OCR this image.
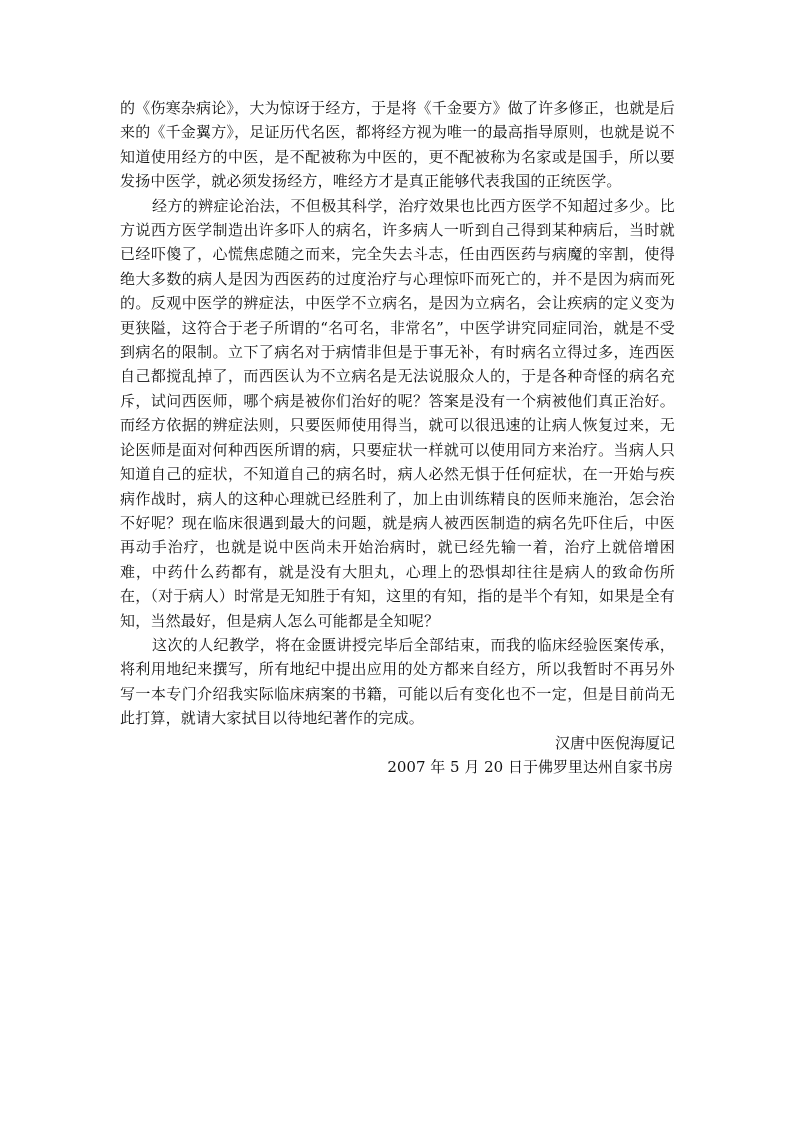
的《伤寒杂病论》，大为惊讶于经方，于是将《千金要方》做了许多修正，也就是后来的《千金翼方》，足证历代名医，都将经方视为唯一的最高指导原则，也就是说不知道使用经方的中医，是不配被称为中医的，更不配被称为名家或是国手，所以要发扬中医学，就必须发扬经方，唯经方才是真正能够代表我国的正统医学。

经方的辨症论治法，不但极其科学，治疗效果也比西方医学不知超过多少。比方说西方医学制造出许多吓人的病名，许多病人一听到自己得到某种病后，当时就已经吓傻了，心慌焦虑随之而来，完全失去斗志，任由西医药与病魔的宰割，使得绝大多数的病人是因为西医药的过度治疗与心理惊吓而死亡的，并不是因为病而死的。反观中医学的辨症法，中医学不立病名，是因为立病名，会让疾病的定义变为更狭隘，这符合于老子所谓的“名可名，非常名”，中医学讲究同症同治，就是不受到病名的限制。立下了病名对于病情非但是于事无补，有时病名立得过多，连西医自己都搅乱掉了，而西医认为不立病名是无法说服众人的，于是各种奇怪的病名充斥，试问西医师，哪个病是被你们治好的呢？答案是没有一个病被他们真正治好。而经方依据的辨症法则，只要医师使用得当，就可以很迅速的让病人恢复过来，无论医师是面对何种西医所谓的病，只要症状一样就可以使用同方来治疗。当病人只知道自己的症状，不知道自己的病名时，病人必然无惧于任何症状，在一开始与疾病作战时，病人的这种心理就已经胜利了，加上由训练精良的医师来施治，怎会治不好呢？现在临床很遇到最大的问题，就是病人被西医制造的病名先吓住后，中医再动手治疗，也就是说中医尚未开始治病时，就已经先输一着，治疗上就倍增困难，中药什么药都有，就是没有大胆丸，心理上的恐惧却往往是病人的致命伤所在，（对于病人）时常是无知胜于有知，这里的有知，指的是半个有知，如果是全有知，当然最好，但是病人怎么可能都是全知呢？

这次的人纪教学，将在金匮讲授完毕后全部结束，而我的临床经验医案传承，将利用地纪来撰写，所有地纪中提出应用的处方都来自经方，所以我暂时不再另外写一本专门介绍我实际临床病案的书籍，可能以后有变化也不一定，但是目前尚无此打算，就请大家拭目以待地纪著作的完成。

汉唐中医倪海厦记

2007 年 5 月 20 日于佛罗里达州自家书房
